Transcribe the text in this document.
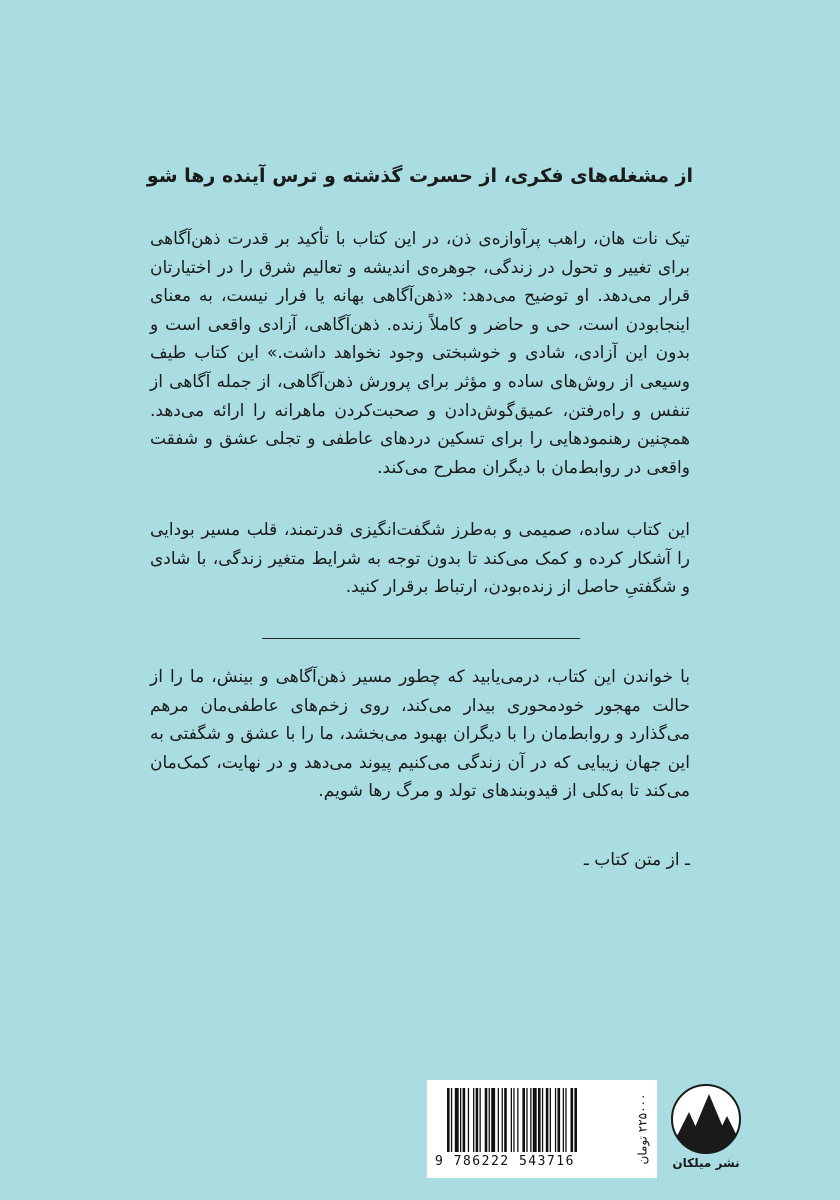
از مشغله‌های فکری، از حسرت گذشته و ترس آینده رها شو

تیک نات هان، راهب پرآوازه‌ی ذن، در این کتاب با تأکید بر قدرت ذهن‌آگاهی برای تغییر و تحول در زندگی، جوهره‌ی اندیشه و تعالیم شرق را در اختیارتان قرار می‌دهد. او توضیح می‌دهد: «ذهن‌آگاهی بهانه یا فرار نیست، به معنای اینجابودن است، حی و حاضر و کاملاً زنده. ذهن‌آگاهی، آزادی واقعی است و بدون این آزادی، شادی و خوشبختی وجود نخواهد داشت.» این کتاب طیف وسیعی از روش‌های ساده و مؤثر برای پرورش ذهن‌آگاهی، از جمله آگاهی از تنفس و راه‌رفتن، عمیق‌گوش‌دادن و صحبت‌کردن ماهرانه را ارائه می‌دهد. همچنین رهنمودهایی را برای تسکین دردهای عاطفی و تجلی عشق و شفقت واقعی در روابط‌مان با دیگران مطرح می‌کند.

این کتاب ساده، صمیمی و به‌طرز شگفت‌انگیزی قدرتمند، قلب مسیر بودایی را آشکار کرده و کمک می‌کند تا بدون توجه به شرایط متغیر زندگی، با شادی و شگفتیِ حاصل از زنده‌بودن، ارتباط برقرار کنید.

با خواندن این کتاب، درمی‌یابید که چطور مسیر ذهن‌آگاهی و بینش، ما را از حالت مهجور خودمحوری بیدار می‌کند، روی زخم‌های عاطفی‌مان مرهم می‌گذارد و روابط‌مان را با دیگران بهبود می‌بخشد، ما را با عشق و شگفتی به این جهان زیبایی که در آن زندگی می‌کنیم پیوند می‌دهد و در نهایت، کمک‌مان می‌کند تا به‌کلی از قیدوبندهای تولد و مرگ رها شویم.

ـ از متن کتاب ـ
9 786222 543716	۲۲۵۰۰۰ تومان
نشر میلکان
